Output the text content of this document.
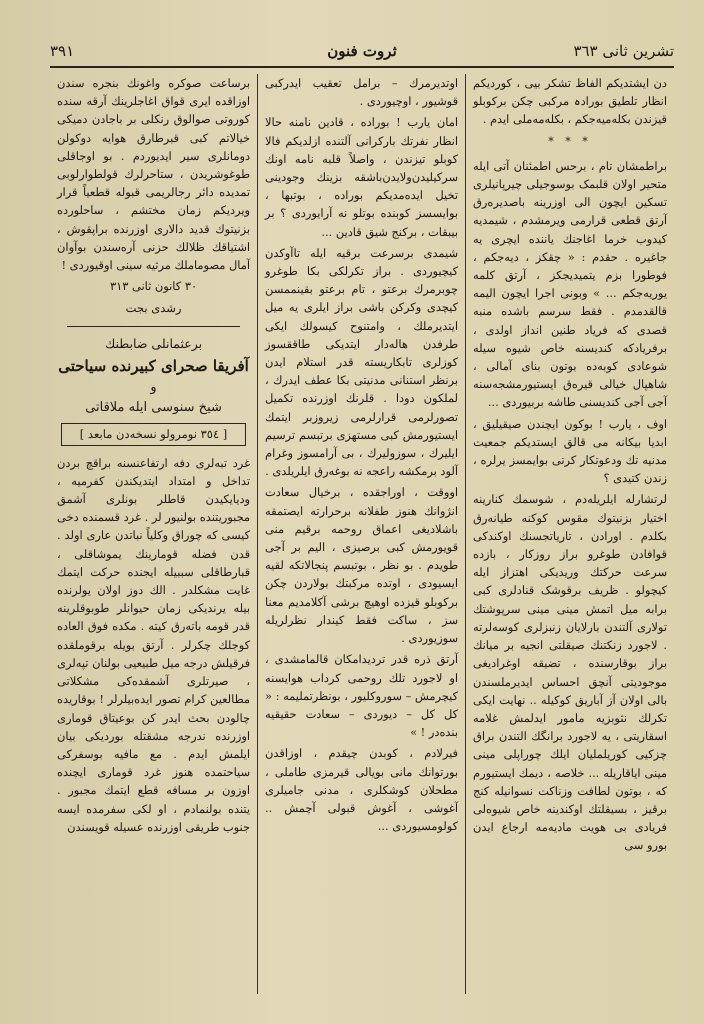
تشرين ثانى ٣٦٣
ثروت فنون
٣٩١

دن ایشتدیکم الفاظ تشکر بیی ، کوردیکم انظار تلطیق بورادہ مرکبی چکن برکوبلو قیزندن بکلەمیەجکم ، بکلەمەملی ایدم .

* * *

براطمشان تام ، برحس اطمئنان آتی ایله متحیر اولان قلبمک بوسوجیلی چیرپانیلری تسکین ایچون الی اوزرینه باصدیرەرق آرتق قطعی قرارمی ویرمشدم ، شیمدیه کیدوب خرما اغاجنك یاننده ایچری یه جاغیرە . حقدم : « چقکز ، دیەجکم ، فوطورا بزم یتمیدیجکز ، آرتق کلمە یوریەجکم ... » وبونی اجرا ایچون الیمه قالقدمدم . فقط سرسم باشده منبه قصدی که فریاد طنین انداز اولدی ، برفریادکه کندیسنه خاص شیوه سیله شوعادی کوبەدە بوتون بنای آمالی ، شاهپال خیالی قیرەق ایستیورمشجەسنه آجی آجی کندیسنی طاشه بربیوردی ...

اوف ، یارب ! بوکون ایچندن صیقیلیق ، ابدیا بیکانه می قالق ایستدیکم جمعیت مدنیه تك ودعوتکار کرتی بوایمسز یرلره ، زندن کتیدی ؟

لرتشارله ایلریلەدم ، شوسمك کنارینه اختیار بزنیتوك مقوس کوکنه طیانەرق بکلدم . اورادن ، تاریاتجسنك اوکندکی قوافادن طوغرو براز روزکار ، بازده سرعت حرکتك وریدیکی اهتزاز ایله کیچولو . ظریف برقوشک قنادلری کبی برابه میل اتمش مینی مینی سرپوشتك تولاری آلتندن بارلایان زنبزلری کوسەلرتە . لاجورد زنکتنك صیقلتی انجیه بر میانك براز بوقارسنده ، تضیقه اوغرادیغی موجودیتی آنچق احساس ایدیرملسندن بالی اولان آز آباریق کوکیله .. نهایت ایکی تکرلك نثوبزیه مامور ایدلمش غلامه اسقاریتی ، یه لاجورد برانگك التندن براق چزکیی کوریلملیان ایلك چوراپلی مینی مینی ایاقاریله ... خلاصه ، دیمك ایستیورم که ، بوتون لطافت وزناکت نسوانیله کنج برقیز ، بسیقلتك اوکندینه خاص شیوەلی فریادی بی هویت مادیەمه ارجاع ایدن بورو سی

اوتدیرمرك – برامل تعقیب ایدرکبی قوشیور ، اوچیوردی .

امان یارب ! بورادە ، قادین نامنه حالا انظار نفرتك بارکرانی آلتنده ازلدیکم فالا کوبلو تیزندن ، واصلاً قلبه نامه اونك سرکیلیدن‌ولایدن‌باشقه بزینك وجودینی تخیل ایدەمدیکم بورادە ، بوتبها ، بوایسسز کوبنده بوتلو نه آرایوردی ؟ بر بیبقات ، برکنج شیق قادین ...

شیمدی برسرعت برقیه ایله تاآوکدن کیچیوردی . براز تکرلکی بکا طوغرو چوبرمرك برعتو ، تام برعتو بقینممسن کیچدی وکرکن باشی براز ایلری یه میل ایتدیرملك ، وامتنوح کیسولك ایکی طرفدن هاله‌دار ایتدیکی طاققسوز کوزلری تابکاریسته قدر استلام ایدن برنظر استنانی مدنیتی بکا عطف ایدرك ، لملکون دودا . قلرنك اوزرنده تکمیل تصورلرمی قرارلرمی زیروزبر ایتمك ایستیورمش کبی مستهزی برتبسم ترسیم ایلیرك ، سوزولیرك ، بی آرامسوز وغرام آلود برمکشه راعجه نه بوغەرق ایلریلدی .

اووقت ، اوراجقده ، برخیال سعادت انژوانك هنوز طفلانه برحرارته ایصتمقه باشلادیغی اعماق روحمه برقیم منی قویورمش کبی برصیزی ، الیم بر آجی طویدم . بو نظر ، بوتبسم پنجالاتکه لقیه ایسیودی ، اوتده مرکبتك بولاردن چکن برکوبلو قیزده اوهیچ برشی آکلامدیم معنا سز ، ساکت فقط کیندار نظرلریله سوزیوردی .

آرتق ذره قدر تردیدامکان قالمامشدی ، او لاجورد تلك روحمی کرداب هوایسنه کیچرمش – سوروکلیور ، بونظرتملیمه : « کل کل – دیوردی – سعادت حقیقیه بنده‌در ! »

فیرلادم ، کوبدن چیقدم ، اوزاقدن بورتوانك مانی بویالی قیرمزی طاملی ، مطحلان کوشکلری ، مدنی جامیلری آغوشی ، آغوش قبولی آچمش .. کولومسیوردی ...

برساعت صوکره واغونك بنجره سندن اوزاقده ایری قواق اغاجلرینك آرقه سنده کوروتی صوالوق رنکلی بر باجادن دمیکی خیالاتم کبی قبرطارق هوایه دوکولن دومانلری سیر ایدیوردم . بو اوجاقلی طوغوشریدن ، ستاحرلرك قولطوارلوبی تمدیده دائر رجالریمی قبوله قطعیاً قرار ویردیکم زمان مختشم ، ساحلوردە بزنیتوك قدید دالاری اوزرنده براپقوش ، اشتیاقك ظلالك حزنی آرەسندن بوآوان آمال مصوماملك مرثیه سینی اوقیوردی !

٣٠ کانون ثانى ٣١٣
رشدی بجت
برعثمانلی ضابطنك
آفریقا صحرای کبیرنده سیاحتی
و
شیخ سنوسی ایله ملاقاتی
[ ٣٥٤ نومرولو نسخەدن مابعد ]

غرد تبه‌لری دفه ارتفاعنسنه براقچ بردن تداخل و امتداد ایتدیکندن کفرمیه ، ودیایکیدن قاطلر بونلری آشمق مجبوریتنده بولنیور لر . غرد قسمنده دخی کیسی که چوراق وکلیاً نباتدن عاری اولد . قدن فضله قومارینك یموشاقلی ، قبارطاقلی سببیله ایجنده حرکت ایتمك غایت مشکلدر . الك دوز اولان یولرنده بیله یرندیکی زمان حیوانلر طوبوقلرینه قدر قومه باتەرق کیتە . مکده فوق العاده کوجلك چکرلر . آرتق بویله برقوملقده فرقیلش درجه میل طبیعیی بولنان تپه‌لری ، صیرتلری آشمقدەکی مشکلاتی مطالعین کرام تصور ایده‌بیلرلر ! بوقاریده چالودن بحث ایدر کن بوعیتاق قوماری اوزرنده ندرجه مشقتله بوردیکی بیان ایلمش ایدم . مع مافیه بوسفرکی سیاحتمده هنوز غرد قومارى ایچنده اوزون بر مسافه قطع ایتمك مجبور . یتنده بولنمادم ، او لکی سفرمده ایسه جنوب طریقی اوزرنده عسیله قویسندن
